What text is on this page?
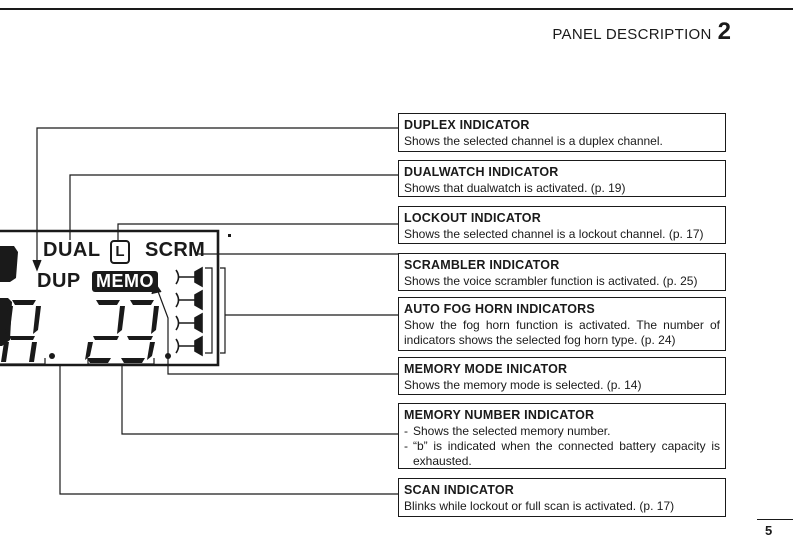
PANEL DESCRIPTION 2
DUAL L SCRM
DUP MEMO
DUPLEX INDICATOR

Shows the selected channel is a duplex channel.

DUALWATCH INDICATOR

Shows that dualwatch is activated. (p. 19)

LOCKOUT INDICATOR

Shows the selected channel is a lockout channel. (p. 17)

SCRAMBLER INDICATOR

Shows the voice scrambler function is activated. (p. 25)

AUTO FOG HORN INDICATORS

Show the fog horn function is activated. The number of indicators shows the selected fog horn type. (p. 24)

MEMORY MODE INICATOR

Shows the memory mode is selected. (p. 14)

MEMORY NUMBER INDICATOR
- Shows the selected memory number.
- “b” is indicated when the connected battery capacity is exhausted.
SCAN INDICATOR

Blinks while lockout or full scan is activated. (p. 17)

5
